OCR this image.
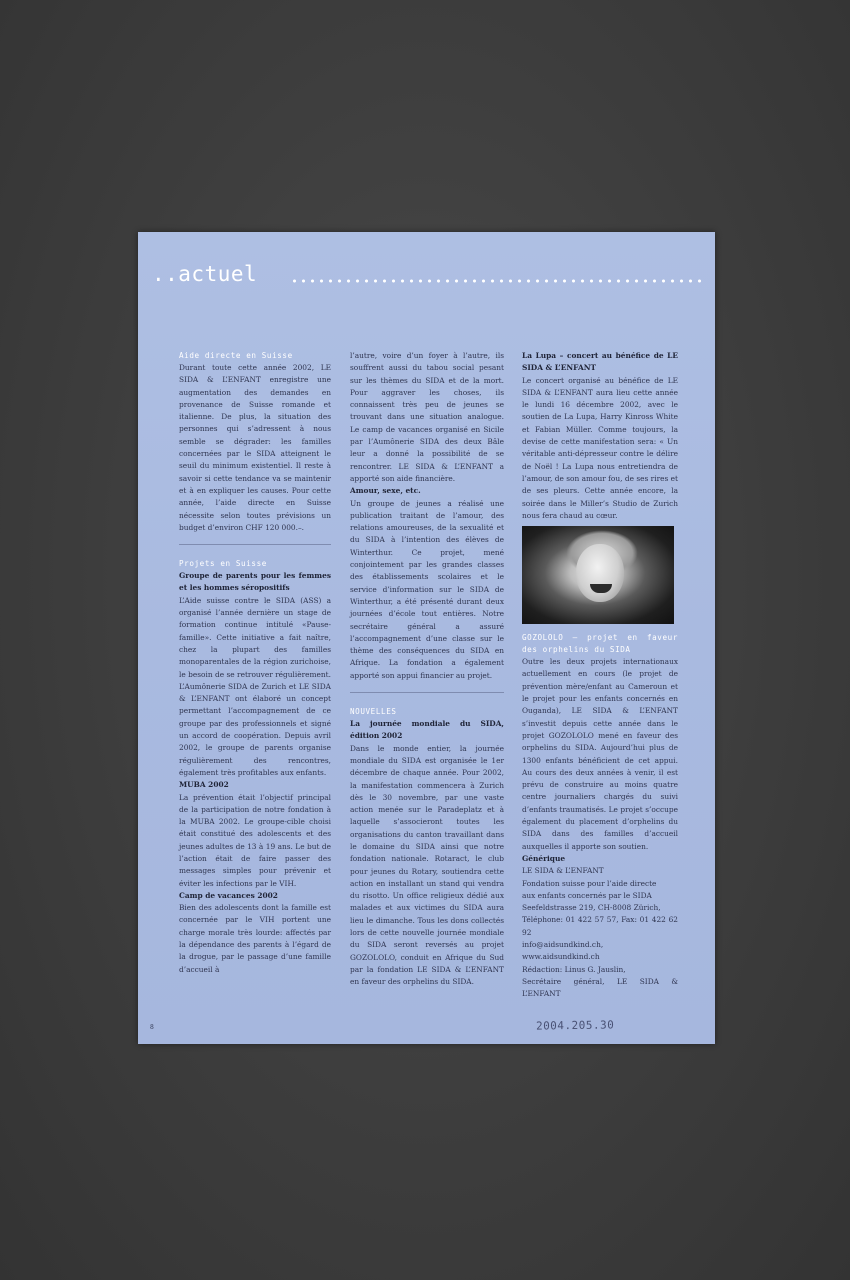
..actuel

Aide directe en Suisse

Durant toute cette année 2002, LE SIDA & L’ENFANT enregistre une augmentation des demandes en provenance de Suisse romande et italienne. De plus, la situation des personnes qui s’adressent à nous semble se dégrader: les familles concernées par le SIDA atteignent le seuil du minimum existentiel. Il reste à savoir si cette tendance va se maintenir et à en expliquer les causes. Pour cette année, l’aide directe en Suisse nécessite selon toutes prévisions un budget d’environ CHF 120 000.–.

Projets en Suisse

Groupe de parents pour les femmes et les hommes séropositifs

L’Aide suisse contre le SIDA (ASS) a organisé l’année dernière un stage de formation continue intitulé «Pause-famille». Cette initiative a fait naître, chez la plupart des familles monoparentales de la région zurichoise, le besoin de se retrouver régulièrement. L’Aumônerie SIDA de Zurich et LE SIDA & L’ENFANT ont élaboré un concept permettant l’accompagnement de ce groupe par des professionnels et signé un accord de coopération. Depuis avril 2002, le groupe de parents organise régulièrement des rencontres, également très profitables aux enfants.

MUBA 2002

La prévention était l’objectif principal de la participation de notre fondation à la MUBA 2002. Le groupe-cible choisi était constitué des adolescents et des jeunes adultes de 13 à 19 ans. Le but de l’action était de faire passer des messages simples pour prévenir et éviter les infections par le VIH.

Camp de vacances 2002

Bien des adolescents dont la famille est concernée par le VIH portent une charge morale très lourde: affectés par la dépendance des parents à l’égard de la drogue, par le passage d’une famille d’accueil à

l’autre, voire d’un foyer à l’autre, ils souffrent aussi du tabou social pesant sur les thèmes du SIDA et de la mort. Pour aggraver les choses, ils connaissent très peu de jeunes se trouvant dans une situation analogue. Le camp de vacances organisé en Sicile par l’Aumônerie SIDA des deux Bâle leur a donné la possibilité de se rencontrer. LE SIDA & L’ENFANT a apporté son aide financière.

Amour, sexe, etc.

Un groupe de jeunes a réalisé une publication traitant de l’amour, des relations amoureuses, de la sexualité et du SIDA à l’intention des élèves de Winterthur. Ce projet, mené conjointement par les grandes classes des établissements scolaires et le service d’information sur le SIDA de Winterthur, a été présenté durant deux journées d’école tout entières. Notre secrétaire général a assuré l’accompagnement d’une classe sur le thème des conséquences du SIDA en Afrique. La fondation a également apporté son appui financier au projet.

NOUVELLES

La journée mondiale du SIDA, édition 2002

Dans le monde entier, la journée mondiale du SIDA est organisée le 1er décembre de chaque année. Pour 2002, la manifestation commencera à Zurich dès le 30 novembre, par une vaste action menée sur le Paradeplatz et à laquelle s’associeront toutes les organisations du canton travaillant dans le domaine du SIDA ainsi que notre fondation nationale. Rotaract, le club pour jeunes du Rotary, soutiendra cette action en installant un stand qui vendra du risotto. Un office religieux dédié aux malades et aux victimes du SIDA aura lieu le dimanche. Tous les dons collectés lors de cette nouvelle journée mondiale du SIDA seront reversés au projet GOZOLOLO, conduit en Afrique du Sud par la fondation LE SIDA & L’ENFANT en faveur des orphelins du SIDA.

La Lupa – concert au bénéfice de LE SIDA & L’ENFANT

Le concert organisé au bénéfice de LE SIDA & L’ENFANT aura lieu cette année le lundi 16 décembre 2002, avec le soutien de La Lupa, Harry Kinross White et Fabian Müller. Comme toujours, la devise de cette manifestation sera: « Un véritable anti-dépresseur contre le délire de Noël ! La Lupa nous entretiendra de l’amour, de son amour fou, de ses rires et de ses pleurs. Cette année encore, la soirée dans le Miller’s Studio de Zurich nous fera chaud au cœur.

GOZOLOLO – projet en faveur des orphelins du SIDA

Outre les deux projets internationaux actuellement en cours (le projet de prévention mère/enfant au Cameroun et le projet pour les enfants concernés en Ouganda), LE SIDA & L’ENFANT s’investit depuis cette année dans le projet GOZOLOLO mené en faveur des orphelins du SIDA. Aujourd’hui plus de 1300 enfants bénéficient de cet appui. Au cours des deux années à venir, il est prévu de construire au moins quatre centre journaliers chargés du suivi d’enfants traumatisés. Le projet s’occupe également du placement d’orphelins du SIDA dans des familles d’accueil auxquelles il apporte son soutien.

Générique

LE SIDA & L’ENFANT
Fondation suisse pour l’aide directe
aux enfants concernés par le SIDA
Seefeldstrasse 219, CH-8008 Zürich,
Téléphone: 01 422 57 57, Fax: 01 422 62 92
info@aidsundkind.ch, www.aidsundkind.ch
Rédaction: Linus G. Jauslin,
Secrétaire général, LE SIDA & L’ENFANT
8	2004.205.30
